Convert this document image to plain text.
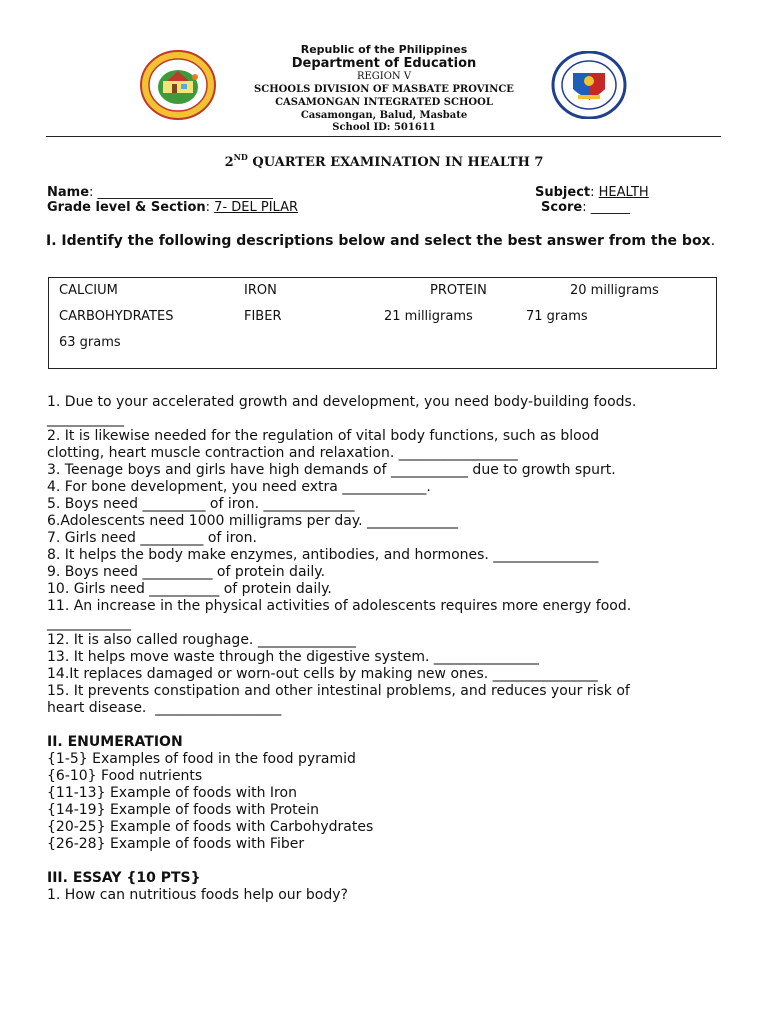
Republic of the Philippines
Department of Education
REGION V
SCHOOLS DIVISION OF MASBATE PROVINCE
CASAMONGAN INTEGRATED SCHOOL
Casamongan, Balud, Masbate
School ID: 501611
2ND QUARTER EXAMINATION IN HEALTH 7
Name: ___________________________	Subject: HEALTH
Grade level & Section: 7- DEL PILAR	Score: ______
I. Identify the following descriptions below and select the best answer from the box.
CALCIUM	IRON	PROTEIN	20 milligrams
CARBOHYDRATES	FIBER	21 milligrams	71 grams
63 grams
1. Due to your accelerated growth and development, you need body-building foods.
___________
2. It is likewise needed for the regulation of vital body functions, such as blood
clotting, heart muscle contraction and relaxation. _________________
3. Teenage boys and girls have high demands of ___________ due to growth spurt.
4. For bone development, you need extra ____________.
5. Boys need _________ of iron. _____________
6.Adolescents need 1000 milligrams per day. _____________
7. Girls need _________ of iron.
8. It helps the body make enzymes, antibodies, and hormones. _______________
9. Boys need __________ of protein daily.
10. Girls need __________ of protein daily.
11. An increase in the physical activities of adolescents requires more energy food.
____________
12. It is also called roughage. ______________
13. It helps move waste through the digestive system. _______________
14.It replaces damaged or worn-out cells by making new ones. _______________
15. It prevents constipation and other intestinal problems, and reduces your risk of
heart disease.  __________________
II. ENUMERATION
{1-5} Examples of food in the food pyramid
{6-10} Food nutrients
{11-13} Example of foods with Iron
{14-19} Example of foods with Protein
{20-25} Example of foods with Carbohydrates
{26-28} Example of foods with Fiber
III. ESSAY {10 PTS}
1. How can nutritious foods help our body?
